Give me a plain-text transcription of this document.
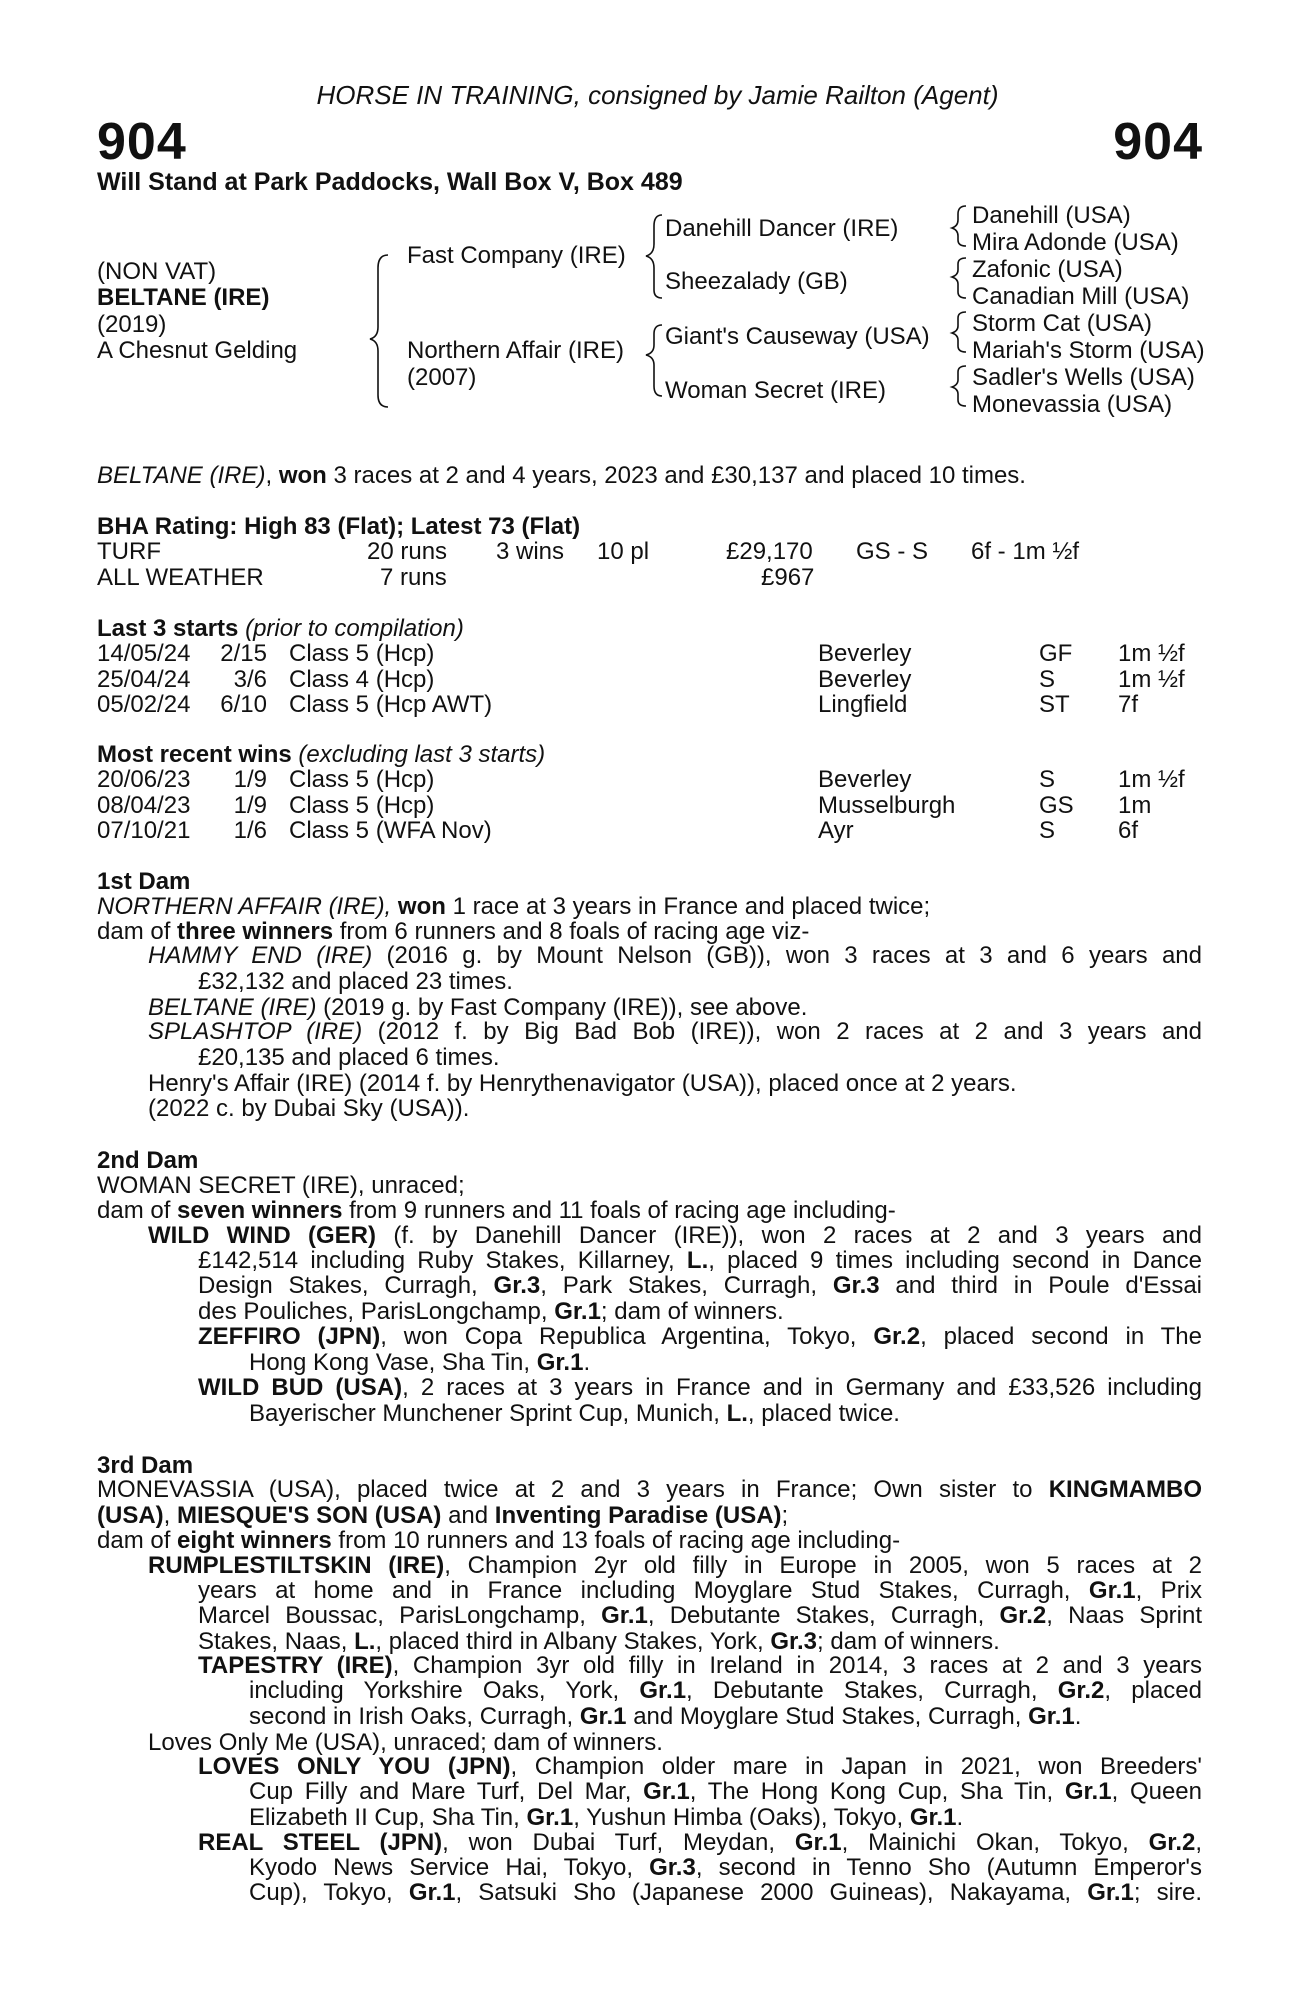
HORSE IN TRAINING, consigned by Jamie Railton (Agent)
904	904
Will Stand at Park Paddocks, Wall Box V, Box 489
(NON VAT)
BELTANE (IRE)
(2019)
A Chesnut Gelding
Fast Company (IRE)
Northern Affair (IRE)
(2007)
Danehill Dancer (IRE)
Sheezalady (GB)
Giant's Causeway (USA)
Woman Secret (IRE)
Danehill (USA)
Mira Adonde (USA)
Zafonic (USA)
Canadian Mill (USA)
Storm Cat (USA)
Mariah's Storm (USA)
Sadler's Wells (USA)
Monevassia (USA)
BELTANE (IRE), won 3 races at 2 and 4 years, 2023 and £30,137 and placed 10 times.
BHA Rating: High 83 (Flat); Latest 73 (Flat)
TURF	20 runs 3 wins 10 pl	£29,170 GS - S 6f - 1m ½f
ALL WEATHER	7 runs	£967
Last 3 starts (prior to compilation)
14/05/24 2/15 Class 5 (Hcp)	Beverley	GF 1m ½f
25/04/24	3/6 Class 4 (Hcp)	Beverley	S	1m ½f
05/02/24 6/10 Class 5 (Hcp AWT)	Lingfield	ST 7f
Most recent wins (excluding last 3 starts)
20/06/23	1/9 Class 5 (Hcp)	Beverley	S	1m ½f
08/04/23	1/9 Class 5 (Hcp)	Musselburgh	GS 1m
07/10/21	1/6 Class 5 (WFA Nov)	Ayr	S	6f
1st Dam
NORTHERN AFFAIR (IRE), won 1 race at 3 years in France and placed twice;
dam of three winners from 6 runners and 8 foals of racing age viz-
HAMMY END (IRE) (2016 g. by Mount Nelson (GB)), won 3 races at 3 and 6 years and
£32,132 and placed 23 times.
BELTANE (IRE) (2019 g. by Fast Company (IRE)), see above.
SPLASHTOP (IRE) (2012 f. by Big Bad Bob (IRE)), won 2 races at 2 and 3 years and
£20,135 and placed 6 times.
Henry's Affair (IRE) (2014 f. by Henrythenavigator (USA)), placed once at 2 years.
(2022 c. by Dubai Sky (USA)).
2nd Dam
WOMAN SECRET (IRE), unraced;
dam of seven winners from 9 runners and 11 foals of racing age including-
WILD WIND (GER) (f. by Danehill Dancer (IRE)), won 2 races at 2 and 3 years and
£142,514 including Ruby Stakes, Killarney, L., placed 9 times including second in Dance
Design Stakes, Curragh, Gr.3, Park Stakes, Curragh, Gr.3 and third in Poule d'Essai
des Pouliches, ParisLongchamp, Gr.1; dam of winners.
ZEFFIRO (JPN), won Copa Republica Argentina, Tokyo, Gr.2, placed second in The
Hong Kong Vase, Sha Tin, Gr.1.
WILD BUD (USA), 2 races at 3 years in France and in Germany and £33,526 including
Bayerischer Munchener Sprint Cup, Munich, L., placed twice.
3rd Dam
MONEVASSIA (USA), placed twice at 2 and 3 years in France; Own sister to KINGMAMBO
(USA), MIESQUE'S SON (USA) and Inventing Paradise (USA);
dam of eight winners from 10 runners and 13 foals of racing age including-
RUMPLESTILTSKIN (IRE), Champion 2yr old filly in Europe in 2005, won 5 races at 2
years at home and in France including Moyglare Stud Stakes, Curragh, Gr.1, Prix
Marcel Boussac, ParisLongchamp, Gr.1, Debutante Stakes, Curragh, Gr.2, Naas Sprint
Stakes, Naas, L., placed third in Albany Stakes, York, Gr.3; dam of winners.
TAPESTRY (IRE), Champion 3yr old filly in Ireland in 2014, 3 races at 2 and 3 years
including Yorkshire Oaks, York, Gr.1, Debutante Stakes, Curragh, Gr.2, placed
second in Irish Oaks, Curragh, Gr.1 and Moyglare Stud Stakes, Curragh, Gr.1.
Loves Only Me (USA), unraced; dam of winners.
LOVES ONLY YOU (JPN), Champion older mare in Japan in 2021, won Breeders'
Cup Filly and Mare Turf, Del Mar, Gr.1, The Hong Kong Cup, Sha Tin, Gr.1, Queen
Elizabeth II Cup, Sha Tin, Gr.1, Yushun Himba (Oaks), Tokyo, Gr.1.
REAL STEEL (JPN), won Dubai Turf, Meydan, Gr.1, Mainichi Okan, Tokyo, Gr.2,
Kyodo News Service Hai, Tokyo, Gr.3, second in Tenno Sho (Autumn Emperor's
Cup), Tokyo, Gr.1, Satsuki Sho (Japanese 2000 Guineas), Nakayama, Gr.1; sire.
